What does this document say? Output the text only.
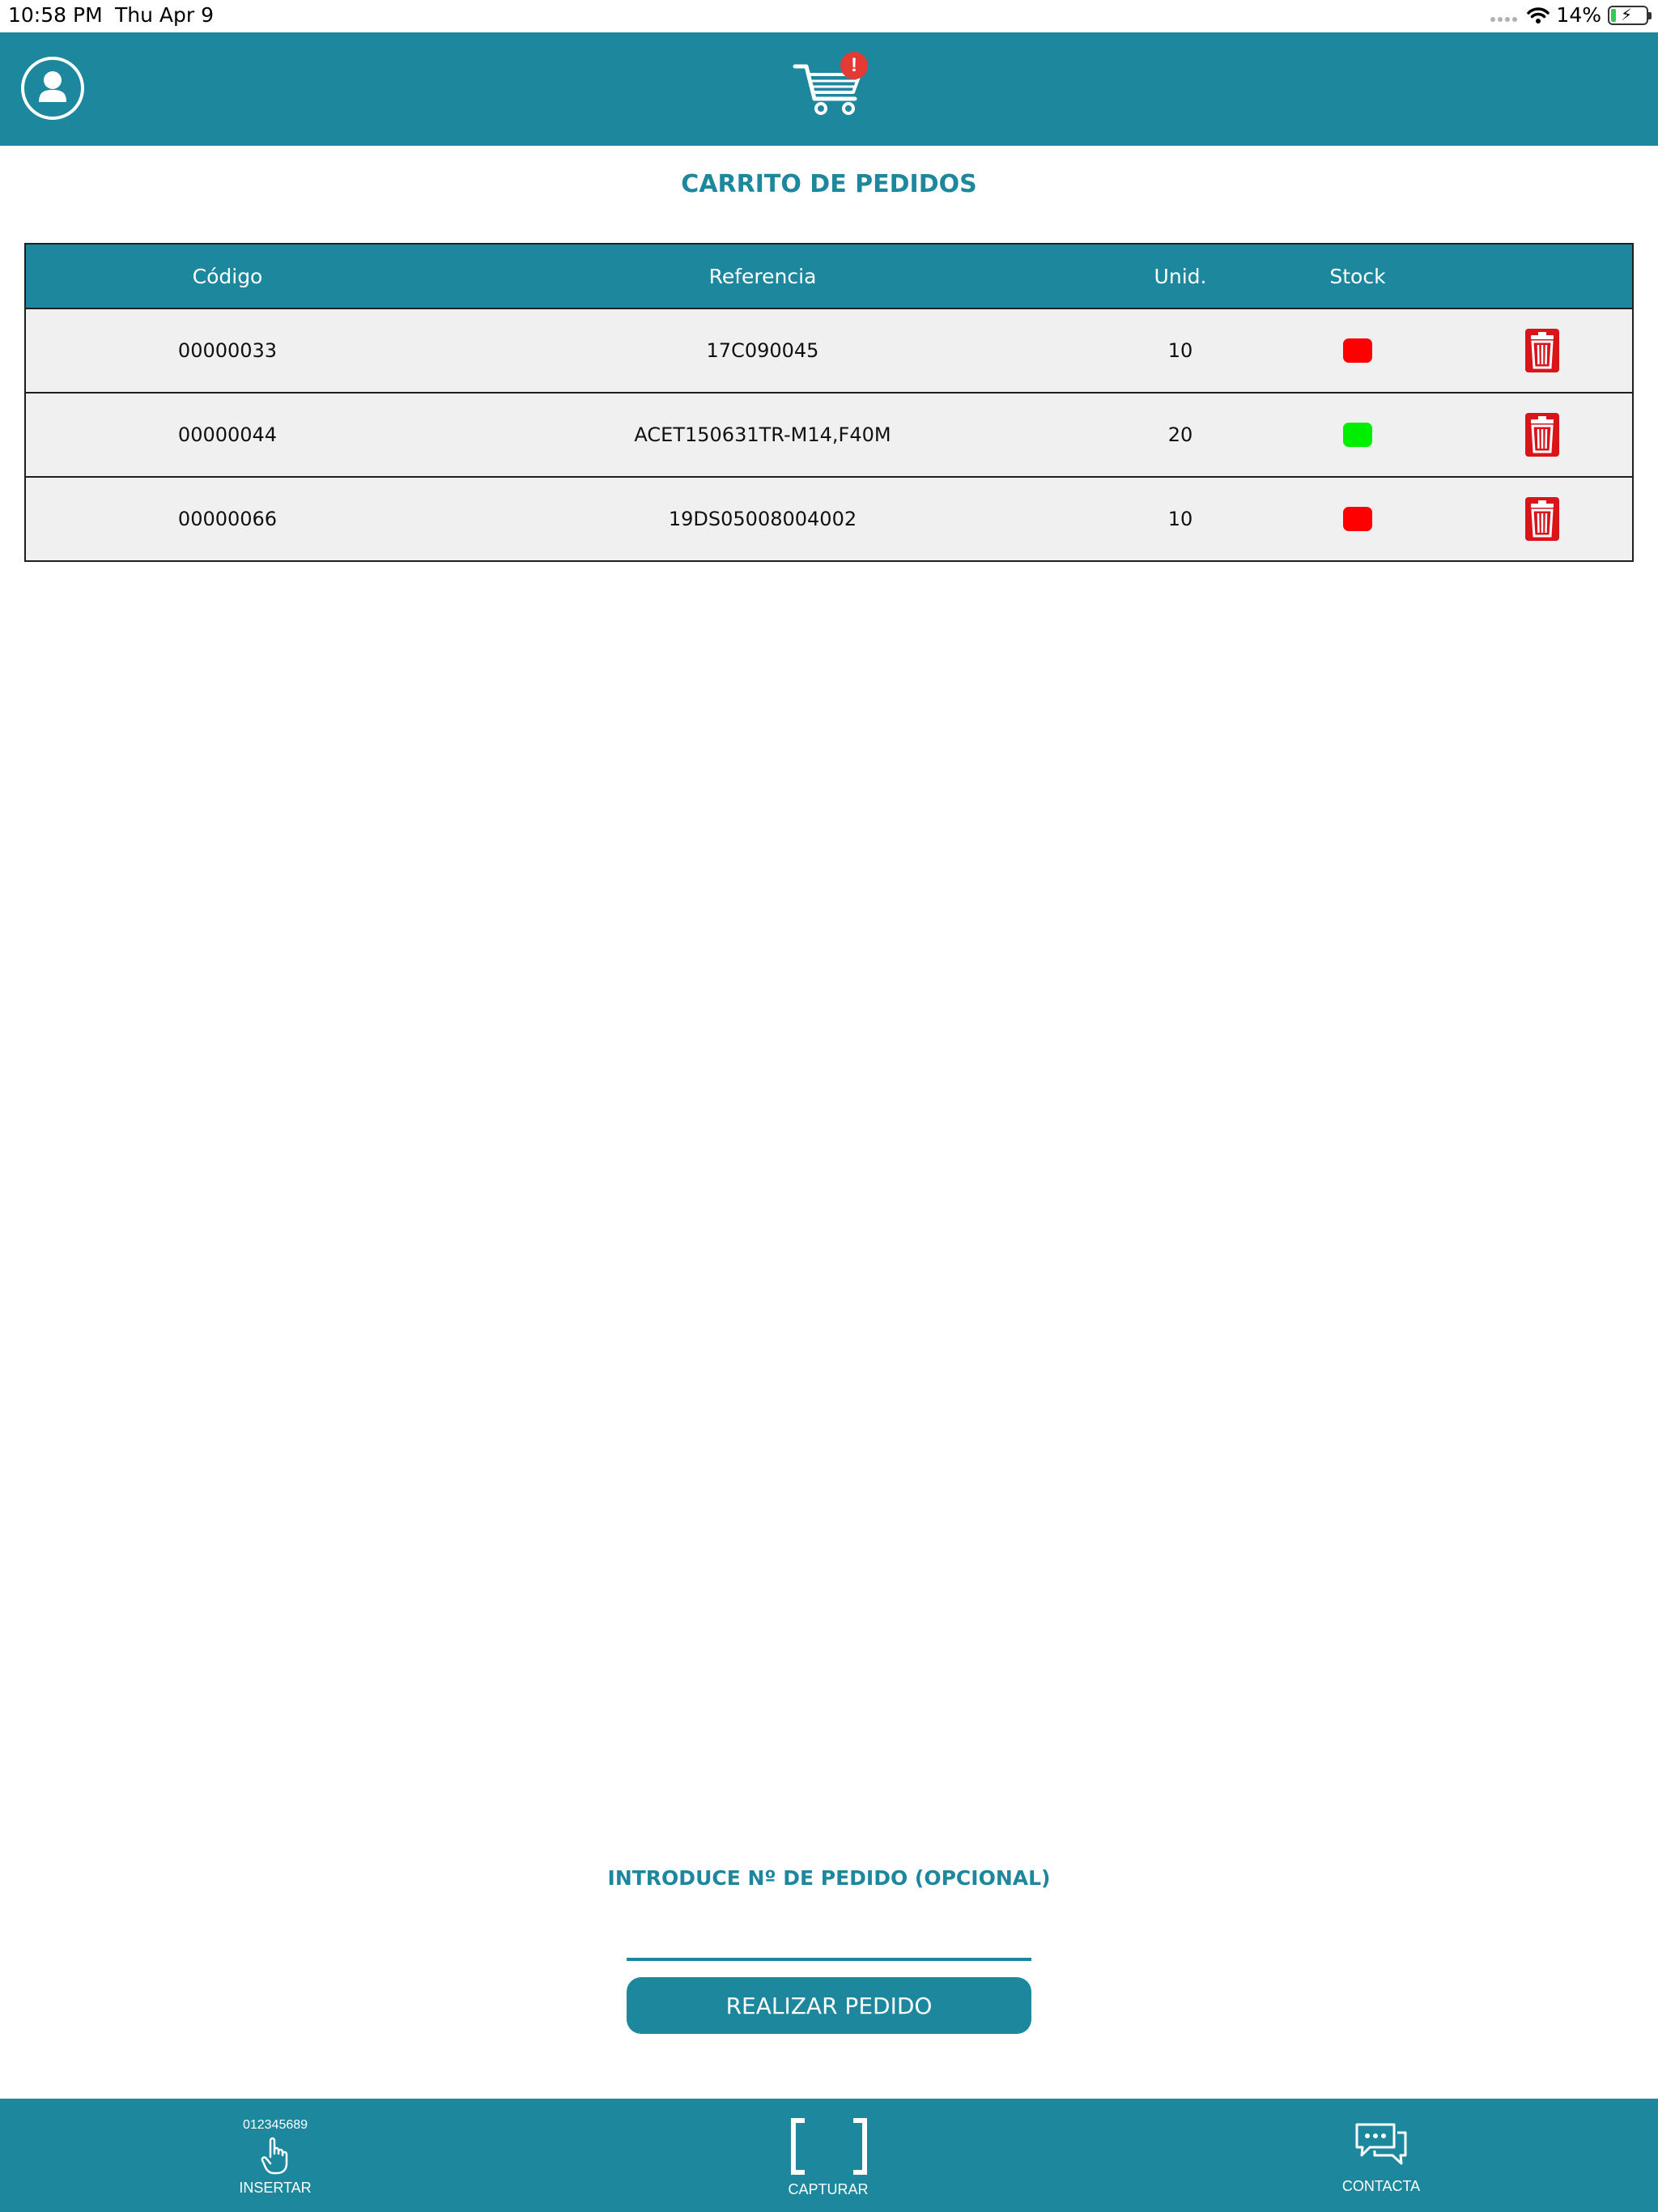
10:58 PM Thu Apr 9	14% ⚡
!
CARRITO DE PEDIDOS
Código	Referencia	Unid.	Stock
00000033	17C090045	10
00000044	ACET150631TR-M14,F40M	20
00000066	19DS05008004002	10
INTRODUCE Nº DE PEDIDO (OPCIONAL)
REALIZAR PEDIDO
012345689
INSERTAR	CAPTURAR	CONTACTA
